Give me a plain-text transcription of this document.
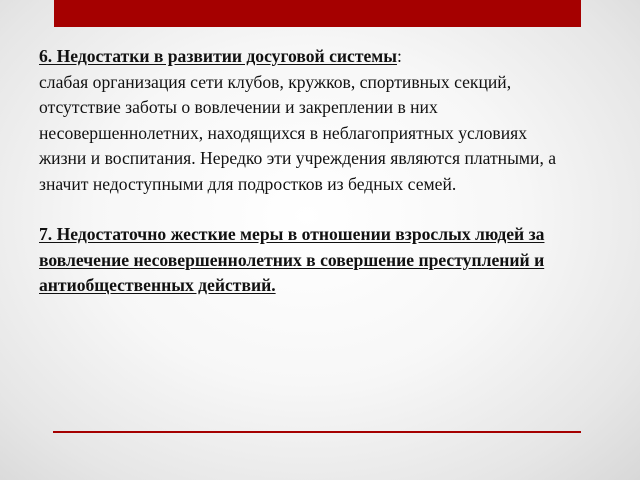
6. Недостатки в развитии досуговой системы:
слабая организация сети клубов, кружков, спортивных секций, отсутствие заботы о вовлечении и закреплении в них несовершеннолетних, находящихся в неблагоприятных условиях жизни и воспитания. Нередко эти учреждения являются платными, а значит недоступными для подростков из бедных семей.

7. Недостаточно жесткие меры в отношении взрослых людей за вовлечение несовершеннолетних в совершение преступлений и антиобщественных действий.
